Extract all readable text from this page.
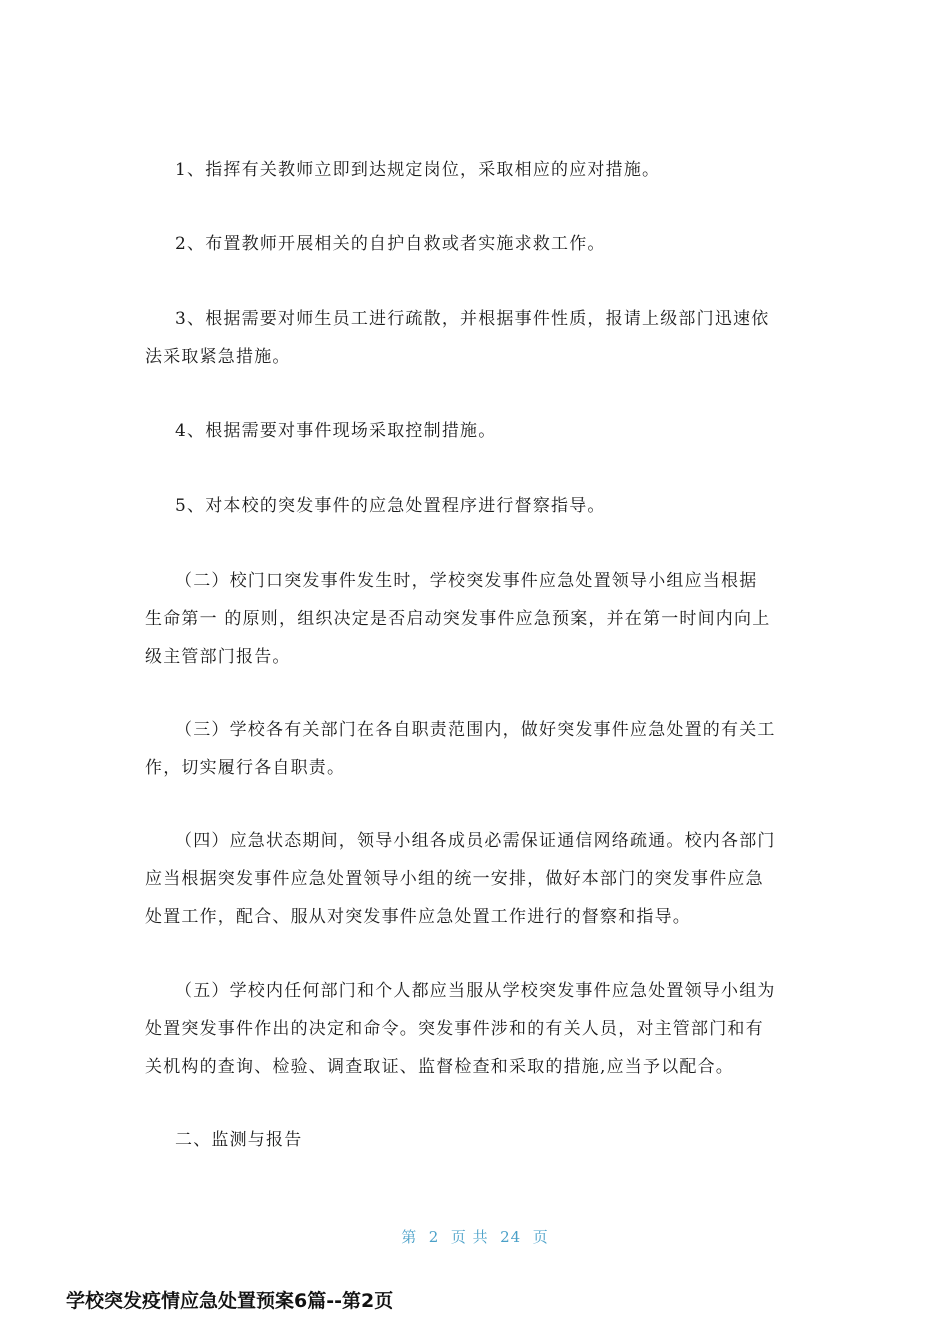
1、指挥有关教师立即到达规定岗位，采取相应的应对措施。

2、布置教师开展相关的自护自救或者实施求救工作。

3、根据需要对师生员工进行疏散，并根据事件性质，报请上级部门迅速依
法采取紧急措施。

4、根据需要对事件现场采取控制措施。

5、对本校的突发事件的应急处置程序进行督察指导。

（二）校门口突发事件发生时，学校突发事件应急处置领导小组应当根据
生命第一 的原则，组织决定是否启动突发事件应急预案，并在第一时间内向上
级主管部门报告。

（三）学校各有关部门在各自职责范围内，做好突发事件应急处置的有关工
作，切实履行各自职责。

（四）应急状态期间，领导小组各成员必需保证通信网络疏通。校内各部门
应当根据突发事件应急处置领导小组的统一安排，做好本部门的突发事件应急
处置工作，配合、服从对突发事件应急处置工作进行的督察和指导。

（五）学校内任何部门和个人都应当服从学校突发事件应急处置领导小组为
处置突发事件作出的决定和命令。突发事件涉和的有关人员，对主管部门和有
关机构的查询、检验、调查取证、监督检查和采取的措施,应当予以配合。

二、监测与报告

第  2  页 共  24  页
学校突发疫情应急处置预案6篇--第2页
